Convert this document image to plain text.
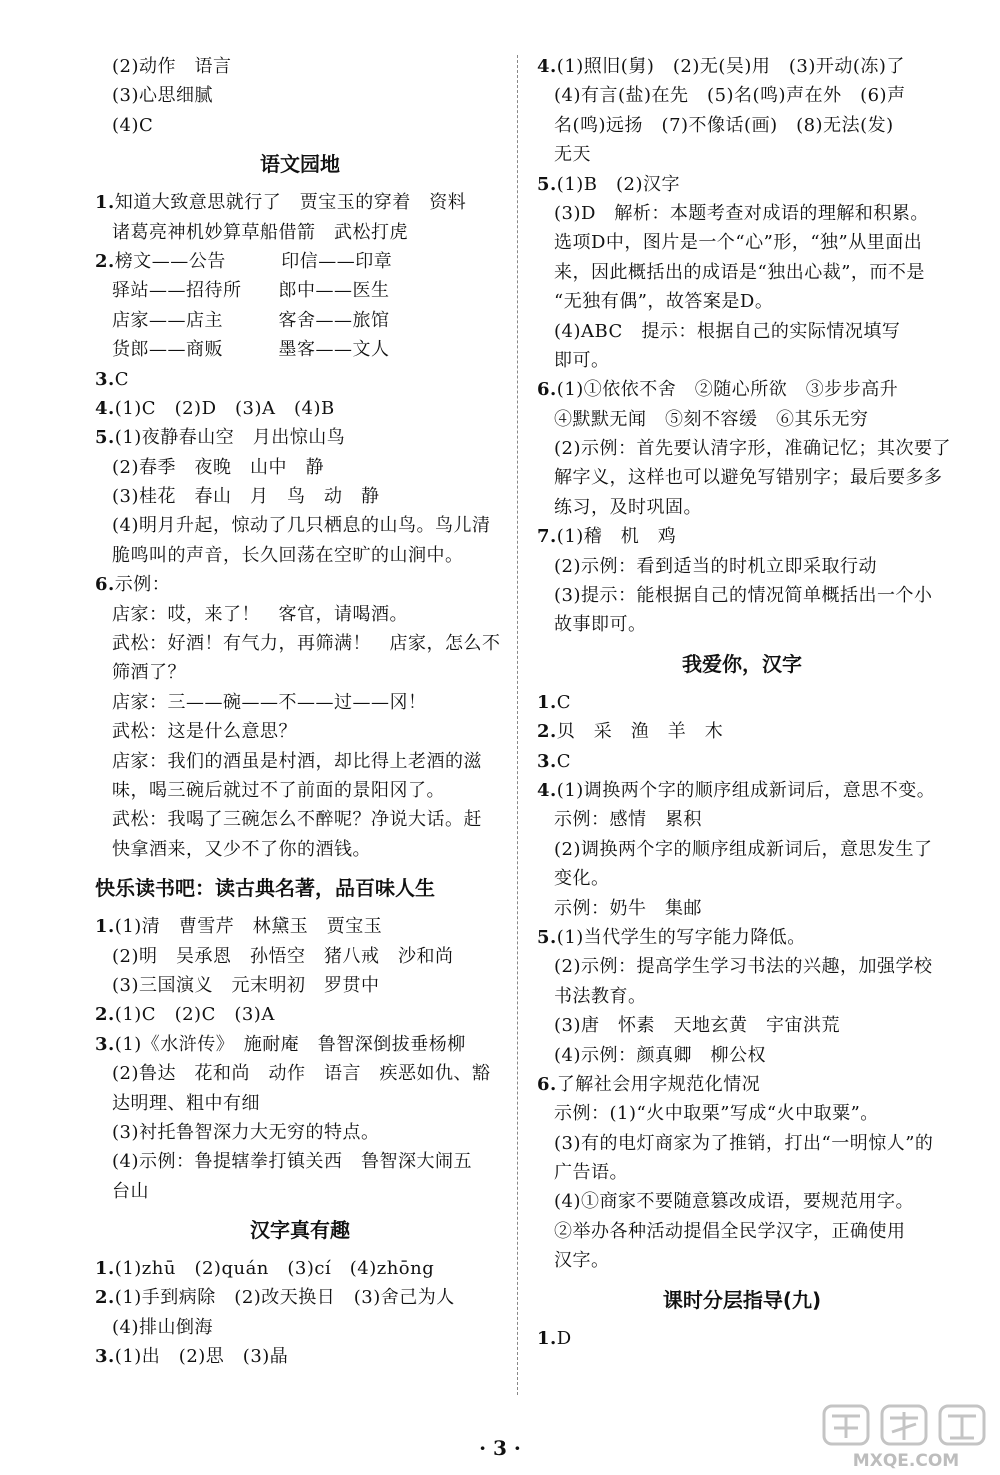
(2)动作　语言
(3)心思细腻
(4)C
语文园地
1.知道大致意思就行了　贾宝玉的穿着　资料
诸葛亮神机妙算草船借箭　武松打虎
2.榜文——公告　　　印信——印章
驿站——招待所　　郎中——医生
店家——店主　　　客舍——旅馆
货郎——商贩　　　墨客——文人
3.C
4.(1)C　(2)D　(3)A　(4)B
5.(1)夜静春山空　月出惊山鸟
(2)春季　夜晚　山中　静
(3)桂花　春山　月　鸟　动　静
(4)明月升起，惊动了几只栖息的山鸟。鸟儿清
脆鸣叫的声音，长久回荡在空旷的山涧中。
6.示例：
店家：哎，来了！　客官，请喝酒。
武松：好酒！有气力，再筛满！　店家，怎么不
筛酒了？
店家：三——碗——不——过——冈！
武松：这是什么意思？
店家：我们的酒虽是村酒，却比得上老酒的滋
味，喝三碗后就过不了前面的景阳冈了。
武松：我喝了三碗怎么不醉呢？净说大话。赶
快拿酒来，又少不了你的酒钱。
快乐读书吧：读古典名著，品百味人生
1.(1)清　曹雪芹　林黛玉　贾宝玉
(2)明　吴承恩　孙悟空　猪八戒　沙和尚
(3)三国演义　元末明初　罗贯中
2.(1)C　(2)C　(3)A
3.(1)《水浒传》　施耐庵　鲁智深倒拔垂杨柳
(2)鲁达　花和尚　动作　语言　疾恶如仇、豁
达明理、粗中有细
(3)衬托鲁智深力大无穷的特点。
(4)示例：鲁提辖拳打镇关西　鲁智深大闹五
台山
汉字真有趣
1.(1)zhū　(2)quán　(3)cí　(4)zhōng
2.(1)手到病除　(2)改天换日　(3)舍己为人
(4)排山倒海
3.(1)出　(2)思　(3)晶
4.(1)照旧(舅)　(2)无(吴)用　(3)开动(冻)了
(4)有言(盐)在先　(5)名(鸣)声在外　(6)声
名(鸣)远扬　(7)不像话(画)　(8)无法(发)
无天
5.(1)B　(2)汉字
(3)D　解析：本题考查对成语的理解和积累。
选项D中，图片是一个“心”形，“独”从里面出
来，因此概括出的成语是“独出心裁”，而不是
“无独有偶”，故答案是D。
(4)ABC　提示：根据自己的实际情况填写
即可。
6.(1)①依依不舍　②随心所欲　③步步高升
④默默无闻　⑤刻不容缓　⑥其乐无穷
(2)示例：首先要认清字形，准确记忆；其次要了
解字义，这样也可以避免写错别字；最后要多多
练习，及时巩固。
7.(1)稽　机　鸡
(2)示例：看到适当的时机立即采取行动
(3)提示：能根据自己的情况简单概括出一个小
故事即可。
我爱你，汉字
1.C
2.贝　采　渔　羊　木
3.C
4.(1)调换两个字的顺序组成新词后，意思不变。
示例：感情　累积
(2)调换两个字的顺序组成新词后，意思发生了
变化。
示例：奶牛　集邮
5.(1)当代学生的写字能力降低。
(2)示例：提高学生学习书法的兴趣，加强学校
书法教育。
(3)唐　怀素　天地玄黄　宇宙洪荒
(4)示例：颜真卿　柳公权
6.了解社会用字规范化情况
示例：(1)“火中取栗”写成“火中取粟”。
(3)有的电灯商家为了推销，打出“一明惊人”的
广告语。
(4)①商家不要随意篡改成语，要规范用字。
②举办各种活动提倡全民学汉字，正确使用
汉字。
课时分层指导(九)
1.D
· 3 ·
MXQE.COM
